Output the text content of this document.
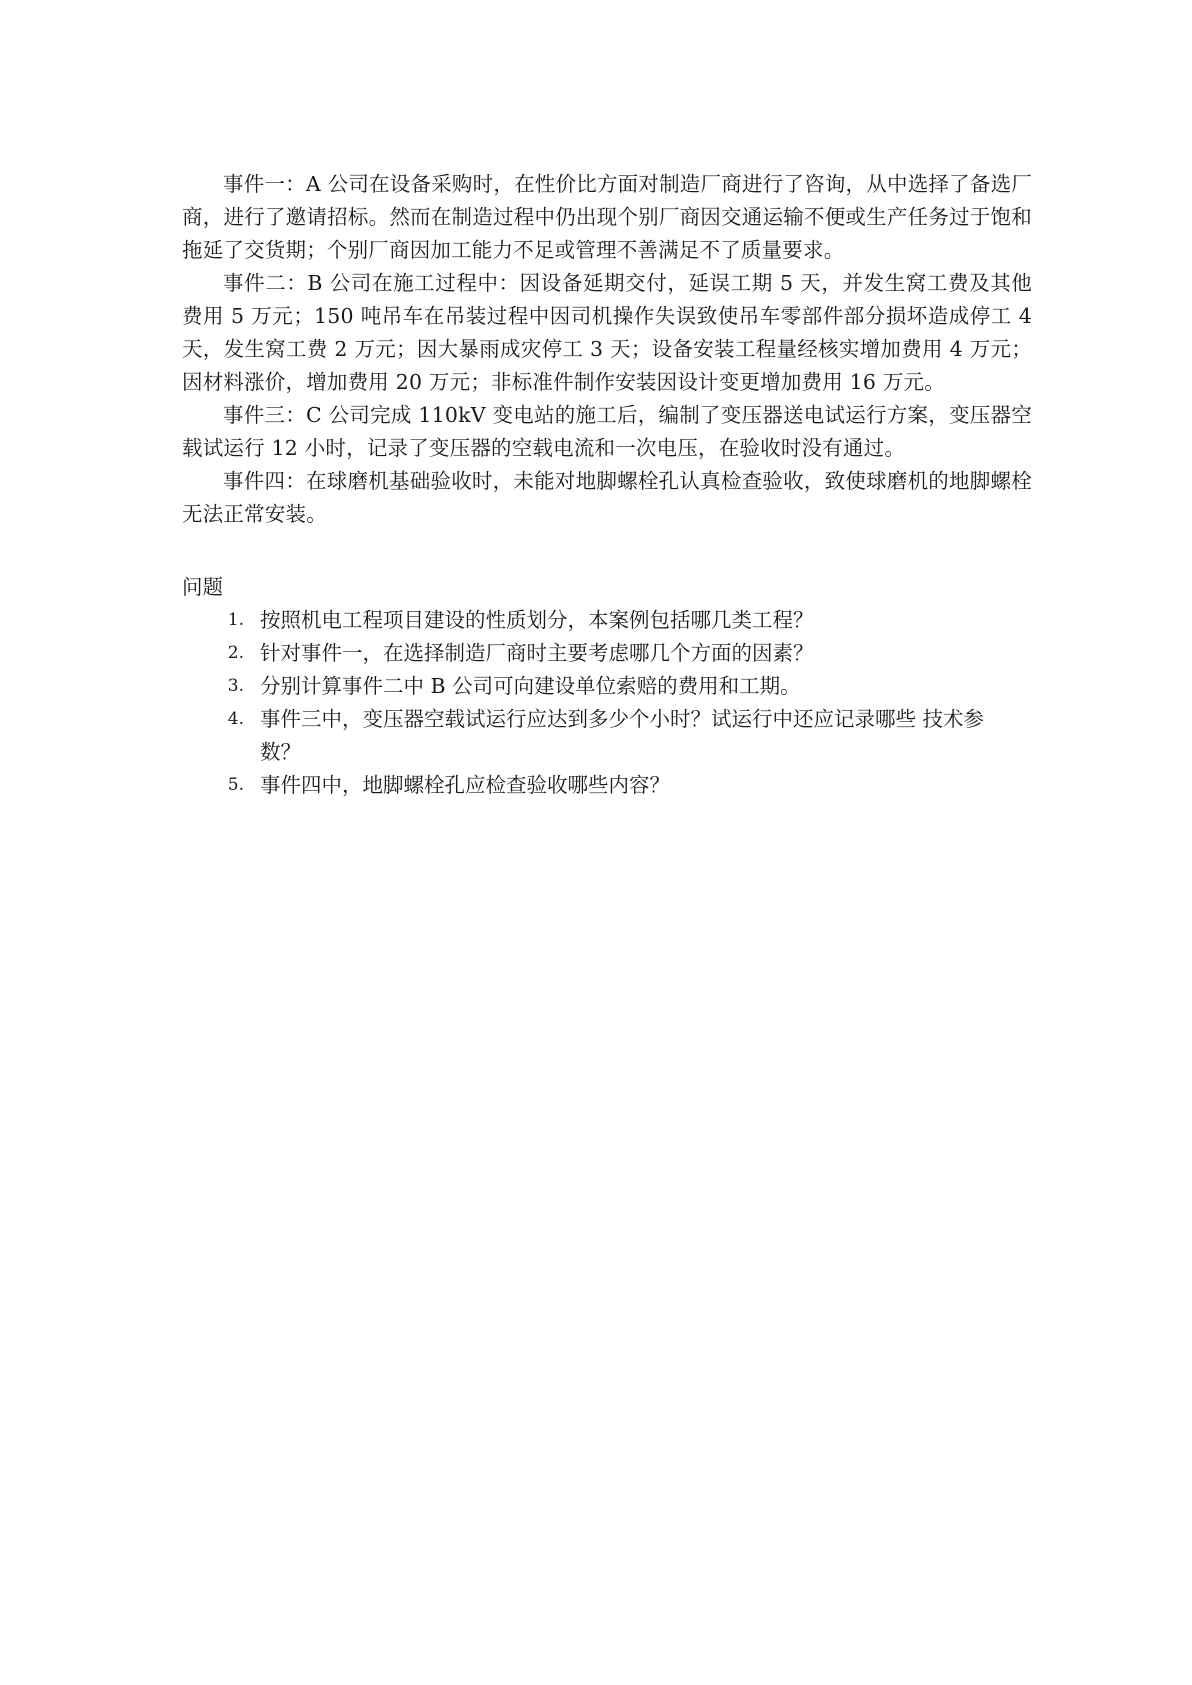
事件一：A 公司在设备采购时，在性价比方面对制造厂商进行了咨询，从中选择了备选厂商，进行了邀请招标。然而在制造过程中仍出现个别厂商因交通运输不便或生产任务过于饱和拖延了交货期；个别厂商因加工能力不足或管理不善满足不了质量要求。

事件二：B 公司在施工过程中：因设备延期交付，延误工期 5 天，并发生窝工费及其他费用 5 万元；150 吨吊车在吊装过程中因司机操作失误致使吊车零部件部分损坏造成停工 4 天，发生窝工费 2 万元；因大暴雨成灾停工 3 天；设备安装工程量经核实增加费用 4 万元；因材料涨价，增加费用 20 万元；非标准件制作安装因设计变更增加费用 16 万元。

事件三：C 公司完成 110kV 变电站的施工后，编制了变压器送电试运行方案，变压器空载试运行 12 小时，记录了变压器的空载电流和一次电压，在验收时没有通过。

事件四：在球磨机基础验收时，未能对地脚螺栓孔认真检查验收，致使球磨机的地脚螺栓无法正常安装。

问题
1. 按照机电工程项目建设的性质划分，本案例包括哪几类工程？
2. 针对事件一，在选择制造厂商时主要考虑哪几个方面的因素？
3. 分别计算事件二中 B 公司可向建设单位索赔的费用和工期。
4. 事件三中，变压器空载试运行应达到多少个小时？试运行中还应记录哪些 技术参数？
5. 事件四中，地脚螺栓孔应检查验收哪些内容？
